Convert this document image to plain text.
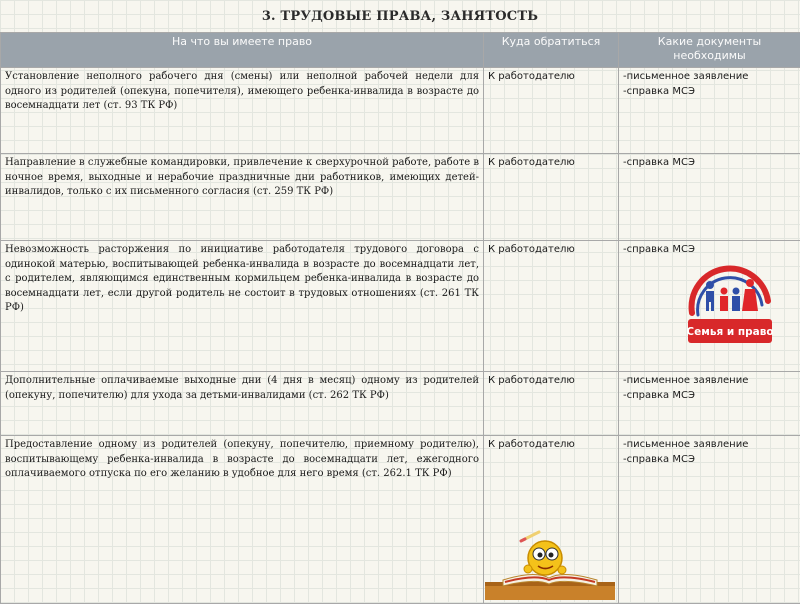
3. ТРУДОВЫЕ ПРАВА, ЗАНЯТОСТЬ
На что вы имеете право	Куда обратиться	Какие документы необходимы
Установление неполного рабочего дня (смены) или неполной рабочей недели для одного из родителей (опекуна, попечителя), имеющего ребенка-инвалида в возрасте до восемнадцати лет (ст. 93 ТК РФ)	К работодателю	-письменное заявление
-справка МСЭ

Направление в служебные командировки, привлечение к сверхурочной работе, работе в ночное время, выходные и нерабочие праздничные дни работников, имеющих детей-инвалидов, только с их письменного согласия (ст. 259 ТК РФ)	К работодателю	-справка МСЭ

Невозможность расторжения по инициативе работодателя трудового договора с одинокой матерью, воспитывающей ребенка-инвалида в возрасте до восемнадцати лет, с родителем, являющимся единственным кормильцем ребенка-инвалида в возрасте до восемнадцати лет, если другой родитель не состоит в трудовых отношениях (ст. 261 ТК РФ)	К работодателю	-справка МСЭ

Дополнительные оплачиваемые выходные дни (4 дня в месяц) одному из родителей (опекуну, попечителю) для ухода за детьми-инвалидами (ст. 262 ТК РФ)	К работодателю	-письменное заявление
-справка МСЭ

Предоставление одному из родителей (опекуну, попечителю, приемному родителю), воспитывающему ребенка-инвалида в возрасте до восемнадцати лет, ежегодного оплачиваемого отпуска по его желанию в удобное для него время (ст. 262.1 ТК РФ)	К работодателю	-письменное заявление
-справка МСЭ
Семья и право
